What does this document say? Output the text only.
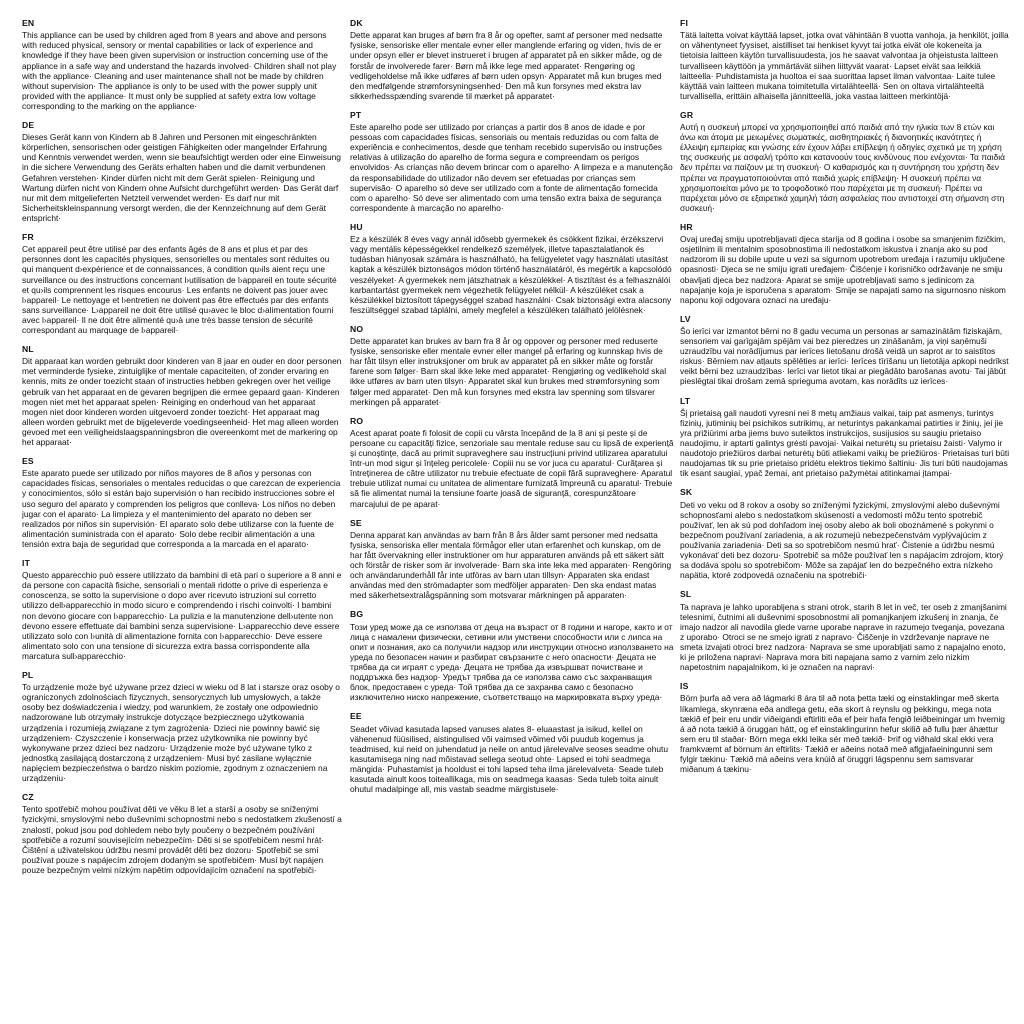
EN

This appliance can be used by children aged from 8 years and above and persons with reduced physical, sensory or mental capabilities or lack of experience and knowledge if they have been given supervision or instruction concerning use of the appliance in a safe way and understand the hazards involved· Children shall not play with the appliance· Cleaning and user maintenance shall not be made by children without supervision· The appliance is only to be used with the power supply unit provided with the appliance· It must only be supplied at safety extra low voltage corresponding to the marking on the appliance·

DE

Dieses Gerät kann von Kindern ab 8 Jahren und Personen mit eingeschränkten körperlichen, sensorischen oder geistigen Fähigkeiten oder mangelnder Erfahrung und Kenntnis verwendet werden, wenn sie beaufsichtigt werden oder eine Einweisung in die sichere Verwendung des Geräts erhalten haben und die damit verbundenen Gefahren verstehen· Kinder dürfen nicht mit dem Gerät spielen· Reinigung und Wartung dürfen nicht von Kindern ohne Aufsicht durchgeführt werden· Das Gerät darf nur mit dem mitgelieferten Netzteil verwendet werden· Es darf nur mit Sicherheitskleinspannung versorgt werden, die der Kennzeichnung auf dem Gerät entspricht·

FR

Cet appareil peut être utilisé par des enfants âgés de 8 ans et plus et par des personnes dont les capacités physiques, sensorielles ou mentales sont réduites ou qui manquent d›expérience et de connaissances, à condition qu›ils aient reçu une surveillance ou des instructions concernant l›utilisation de l›appareil en toute sécurité et qu›ils comprennent les risques encourus· Les enfants ne doivent pas jouer avec l›appareil· Le nettoyage et l›entretien ne doivent pas être effectués par des enfants sans surveillance· L›appareil ne doit être utilisé qu›avec le bloc d›alimentation fourni avec l›appareil· Il ne doit être alimenté qu›à une très basse tension de sécurité correspondant au marquage de l›appareil·

NL

Dit apparaat kan worden gebruikt door kinderen van 8 jaar en ouder en door personen met verminderde fysieke, zintuiglijke of mentale capaciteiten, of zonder ervaring en kennis, mits ze onder toezicht staan of instructies hebben gekregen over het veilige gebruik van het apparaat en de gevaren begrijpen die ermee gepaard gaan· Kinderen mogen niet met het apparaat spelen· Reiniging en onderhoud van het apparaat mogen niet door kinderen worden uitgevoerd zonder toezicht· Het apparaat mag alleen worden gebruikt met de bijgeleverde voedingseenheid· Het mag alleen worden gevoed met een veiligheidslaagspanningsbron die overeenkomt met de markering op het apparaat·

ES

Este aparato puede ser utilizado por niños mayores de 8 años y personas con capacidades físicas, sensoriales o mentales reducidas o que carezcan de experiencia y conocimientos, sólo si están bajo supervisión o han recibido instrucciones sobre el uso seguro del aparato y comprenden los peligros que conlleva· Los niños no deben jugar con el aparato· La limpieza y el mantenimiento del aparato no deben ser realizados por niños sin supervisión· El aparato solo debe utilizarse con la fuente de alimentación suministrada con el aparato· Solo debe recibir alimentación a una tensión extra baja de seguridad que corresponda a la marcada en el aparato·

IT

Questo apparecchio può essere utilizzato da bambini di età pari o superiore a 8 anni e da persone con capacità fisiche, sensoriali o mentali ridotte o prive di esperienza e conoscenza, se sotto la supervisione o dopo aver ricevuto istruzioni sul corretto utilizzo dell›apparecchio in modo sicuro e comprendendo i rischi coinvolti· I bambini non devono giocare con l›apparecchio· La pulizia e la manutenzione dell›utente non devono essere effettuate dai bambini senza supervisione· L›apparecchio deve essere utilizzato solo con l›unità di alimentazione fornita con l›apparecchio· Deve essere alimentato solo con una tensione di sicurezza extra bassa corrispondente alla marcatura sull›apparecchio·

PL

To urządzenie może być używane przez dzieci w wieku od 8 lat i starsze oraz osoby o ograniczonych zdolnościach fizycznych, sensorycznych lub umysłowych, a także osoby bez doświadczenia i wiedzy, pod warunkiem, że zostały one odpowiednio nadzorowane lub otrzymały instrukcje dotyczące bezpiecznego użytkowania urządzenia i rozumieją związane z tym zagrożenia· Dzieci nie powinny bawić się urządzeniem· Czyszczenie i konserwacja przez użytkownika nie powinny być wykonywane przez dzieci bez nadzoru· Urządzenie może być używane tylko z jednostką zasilającą dostarczoną z urządzeniem· Musi być zasilane wyłącznie napięciem bezpieczeństwa o bardzo niskim poziomie, zgodnym z oznaczeniem na urządzeniu·

CZ

Tento spotřebič mohou používat děti ve věku 8 let a starší a osoby se sníženými fyzickými, smyslovými nebo duševními schopnostmi nebo s nedostatkem zkušeností a znalostí, pokud jsou pod dohledem nebo byly poučeny o bezpečném používání spotřebiče a rozumí souvisejícím nebezpečím· Děti si se spotřebičem nesmí hrát· Čištění a uživatelskou údržbu nesmí provádět děti bez dozoru· Spotřebič se smí používat pouze s napájecím zdrojem dodaným se spotřebičem· Musí být napájen pouze bezpečným velmi nízkým napětím odpovídajícím označení na spotřebiči·

DK

Dette apparat kan bruges af børn fra 8 år og opefter, samt af personer med nedsatte fysiske, sensoriske eller mentale evner eller manglende erfaring og viden, hvis de er under opsyn eller er blevet instrueret i brugen af apparatet på en sikker måde, og de forstår de involverede farer· Børn må ikke lege med apparatet· Rengøring og vedligeholdelse må ikke udføres af børn uden opsyn· Apparatet må kun bruges med den medfølgende strømforsyningsenhed· Den må kun forsynes med ekstra lav sikkerhedsspænding svarende til mærket på apparatet·

PT

Este aparelho pode ser utilizado por crianças a partir dos 8 anos de idade e por pessoas com capacidades físicas, sensoriais ou mentais reduzidas ou com falta de experiência e conhecimentos, desde que tenham recebido supervisão ou instruções relativas à utilização do aparelho de forma segura e compreendam os perigos envolvidos· As crianças não devem brincar com o aparelho· A limpeza e a manutenção da responsabilidade do utilizador não devem ser efetuadas por crianças sem supervisão· O aparelho só deve ser utilizado com a fonte de alimentação fornecida com o aparelho· Só deve ser alimentado com uma tensão extra baixa de segurança correspondente à marcação no aparelho·

HU

Ez a készülék 8 éves vagy annál idősebb gyermekek és csökkent fizikai, érzékszervi vagy mentális képességekkel rendelkező személyek, illetve tapasztalatlanok és tudásban hiányosak számára is használható, ha felügyeletet vagy használati utasítást kaptak a készülék biztonságos módon történő használatáról, és megértik a kapcsolódó veszélyeket· A gyermekek nem játszhatnak a készülékkel· A tisztítást és a felhasználói karbantartást gyermekek nem végezhetik felügyelet nélkül· A készüléket csak a készülékkel biztosított tápegységgel szabad használni· Csak biztonsági extra alacsony feszültséggel szabad táplálni, amely megfelel a készüléken található jelölésnek·

NO

Dette apparatet kan brukes av barn fra 8 år og oppover og personer med reduserte fysiske, sensoriske eller mentale evner eller mangel på erfaring og kunnskap hvis de har fått tilsyn eller instruksjoner om bruk av apparatet på en sikker måte og forstår farene som følger· Barn skal ikke leke med apparatet· Rengjøring og vedlikehold skal ikke utføres av barn uten tilsyn· Apparatet skal kun brukes med strømforsyning som følger med apparatet· Den må kun forsynes med ekstra lav spenning som tilsvarer merkingen på apparatet·

RO

Acest aparat poate fi folosit de copii cu vârsta începând de la 8 ani și peste și de persoane cu capacități fizice, senzoriale sau mentale reduse sau cu lipsă de experiență și cunoștințe, dacă au primit supraveghere sau instrucțiuni privind utilizarea aparatului într-un mod sigur și înțeleg pericolele· Copiii nu se vor juca cu aparatul· Curățarea și întreținerea de către utilizator nu trebuie efectuate de copii fără supraveghere· Aparatul trebuie utilizat numai cu unitatea de alimentare furnizată împreună cu aparatul· Trebuie să fie alimentat numai la tensiune foarte joasă de siguranță, corespunzătoare marcajului de pe aparat·

SE

Denna apparat kan användas av barn från 8 års ålder samt personer med nedsatta fysiska, sensoriska eller mentala förmågor eller utan erfarenhet och kunskap, om de har fått övervakning eller instruktioner om hur apparaturen används på ett säkert sätt och förstår de risker som är involverade· Barn ska inte leka med apparaten· Rengöring och användarunderhåll får inte utföras av barn utan tillsyn· Apparaten ska endast användas med den strömadapter som medföljer apparaten· Den ska endast matas med säkerhetsextralågspänning som motsvarar märkningen på apparaten·

BG

Този уред може да се използва от деца на възраст от 8 години и нагоре, както и от лица с намалени физически, сетивни или умствени способности или с липса на опит и познания, ако са получили надзор или инструкции относно използването на уреда по безопасен начин и разбират свързаните с него опасности· Децата не трябва да си играят с уреда· Децата не трябва да извършват почистване и поддръжка без надзор· Уредът трябва да се използва само със захранващия блок, предоставен с уреда· Той трябва да се захранва само с безопасно изключително ниско напрежение, съответстващо на маркировката върху уреда·

EE

Seadet võivad kasutada lapsed vanuses alates 8- eluaastast ja isikud, kellel on vähenenud füüsilised, aistingulised või vaimsed võimed või puudub kogemus ja teadmised, kui neid on juhendatud ja neile on antud järelevalve seoses seadme ohutu kasutamisega ning nad mõistavad sellega seotud ohte· Lapsed ei tohi seadmega mängida· Puhastamist ja hooldust ei tohi lapsed teha ilma järelevalveta· Seade tuleb kasutada ainult koos toiteallikaga, mis on seadmega kaasas· Seda tuleb toita ainult ohutul madalpinge all, mis vastab seadme märgistusele·

FI

Tätä laitetta voivat käyttää lapset, jotka ovat vähintään 8 vuotta vanhoja, ja henkilöt, joilla on vähentyneet fyysiset, aistilliset tai henkiset kyvyt tai jotka eivät ole kokeneita ja tietoisia laitteen käytön turvallisuudesta, jos he saavat valvontaa ja ohjeistusta laitteen turvalliseen käyttöön ja ymmärtävät siihen liittyvät vaarat· Lapset eivät saa leikkiä laitteella· Puhdistamista ja huoltoa ei saa suorittaa lapset ilman valvontaa· Laite tulee käyttää vain laitteen mukana toimitetulla virtalähteellä· Sen on oltava virtalähteeltä turvallisella, erittäin alhaisella jännitteellä, joka vastaa laitteen merkintöjä·

GR

Αυτή η συσκευή μπορεί να χρησιμοποιηθεί από παιδιά από την ηλικία των 8 ετών και άνω και άτομα με μειωμένες σωματικές, αισθητηριακές ή διανοητικές ικανότητες ή έλλειψη εμπειρίας και γνώσης εάν έχουν λάβει επίβλεψη ή οδηγίες σχετικά με τη χρήση της συσκευής με ασφαλή τρόπο και κατανοούν τους κινδύνους που ενέχονται· Τα παιδιά δεν πρέπει να παίζουν με τη συσκευή· Ο καθαρισμός και η συντήρηση του χρήστη δεν πρέπει να πραγματοποιούνται από παιδιά χωρίς επίβλεψη· Η συσκευή πρέπει να χρησιμοποιείται μόνο με το τροφοδοτικό που παρέχεται με τη συσκευή· Πρέπει να παρέχεται μόνο σε εξαιρετικά χαμηλή τάση ασφαλείας που αντιστοιχεί στη σήμανση στη συσκευή·

HR

Ovaj uređaj smiju upotrebljavati djeca starija od 8 godina i osobe sa smanjenim fizičkim, osjetilnim ili mentalnim sposobnostima ili nedostatkom iskustva i znanja ako su pod nadzorom ili su dobile upute u vezi sa sigurnom upotrebom uređaja i razumiju uključene opasnosti· Djeca se ne smiju igrati uređajem· Čišćenje i korisničko održavanje ne smiju obavljati djeca bez nadzora· Aparat se smije upotrebljavati samo s jedinicom za napajanje koja je isporučena s aparatom· Smije se napajati samo na sigurnosno niskom naponu koji odgovara oznaci na uređaju·

LV

Šo ierīci var izmantot bērni no 8 gadu vecuma un personas ar samazinātām fiziskajām, sensoriem vai garīgajām spējām vai bez pieredzes un zināšanām, ja viņi saņēmuši uzraudzību vai norādījumus par ierīces lietošanu drošā veidā un saprot ar to saistītos riskus· Bērniem nav atļauts spēlēties ar ierīci· Ierīces tīrīšanu un lietotāja apkopi nedrīkst veikt bērni bez uzraudzības· Ierīci var lietot tikai ar piegādāto barošanas avotu· Tai jābūt pieslēgtai tikai drošam zemā sprieguma avotam, kas norādīts uz ierīces·

LT

Šį prietaisą gali naudoti vyresni nei 8 metų amžiaus vaikai, taip pat asmenys, turintys fizinių, jutiminių bei psichikos sutrikimų, ar neturintys pakankamai patirties ir žinių, jei jie yra prižiūrimi arba jiems buvo suteiktos instrukcijos, susijusios su saugiu prietaiso naudojimu, ir aptarti galintys grėsti pavojai· Vaikai neturėtų su prietaisu žaisti· Valymo ir naudotojo priežiūros darbai neturėtų būti atliekami vaikų be priežiūros· Prietaisas turi būti naudojamas tik su prie prietaiso pridėtu elektros tiekimo šaltiniu· Jis turi būti naudojamas tik esant saugiai, ypač žemai, ant prietaiso pažymėtai atitinkamai įtampai·

SK

Deti vo veku od 8 rokov a osoby so zníženými fyzickými, zmyslovými alebo duševnými schopnosťami alebo s nedostatkom skúseností a vedomostí môžu tento spotrebič používať, len ak sú pod dohľadom inej osoby alebo ak boli oboznámené s pokynmi o bezpečnom používaní zariadenia, a ak rozumejú nebezpečenstvám vyplývajúcim z používania zariadenia· Deti sa so spotrebičom nesmú hrať· Čistenie a údržbu nesmú vykonávať deti bez dozoru· Spotrebič sa môže používať len s napájacím zdrojom, ktorý sa dodáva spolu so spotrebičom· Môže sa zapájať len do bezpečného extra nízkeho napätia, ktoré zodpovedá označeniu na spotrebiči·

SL

Ta naprava je lahko uporabljena s strani otrok, starih 8 let in več, ter oseb z zmanjšanimi telesnimi, čutnimi ali duševnimi sposobnostmi ali pomanjkanjem izkušenj in znanja, če imajo nadzor ali navodila glede varne uporabe naprave in razumejo tveganja, povezana z uporabo· Otroci se ne smejo igrati z napravo· Čiščenje in vzdrževanje naprave ne smeta izvajati otroci brez nadzora· Naprava se sme uporabljati samo z napajalno enoto, ki je priložena napravi· Naprava mora biti napajana samo z varnim zelo nizkim napetostnim napajalnikom, ki je označen na napravi·

IS

Börn þurfa að vera að lágmarki 8 ára til að nota þetta tæki og einstaklingar með skerta líkamlega, skynræna eða andlega getu, eða skort á reynslu og þekkingu, mega nota tækið ef þeir eru undir viðeigandi eftirliti eða ef þeir hafa fengið leiðbeiningar um hvernig á að nota tækið á öruggan hátt, og ef einstaklingurinn hefur skilið að fullu þær áhættur sem eru til staðar· Börn mega ekki leika sér með tækið· Þrif og viðhald skal ekki vera framkvæmt af börnum án eftirlits· Tækið er aðeins notað með aflgjafaeiningunni sem fylgir tækinu· Tækið má aðeins vera knúið af öruggri lágspennu sem samsvarar miðanum á tækinu·
